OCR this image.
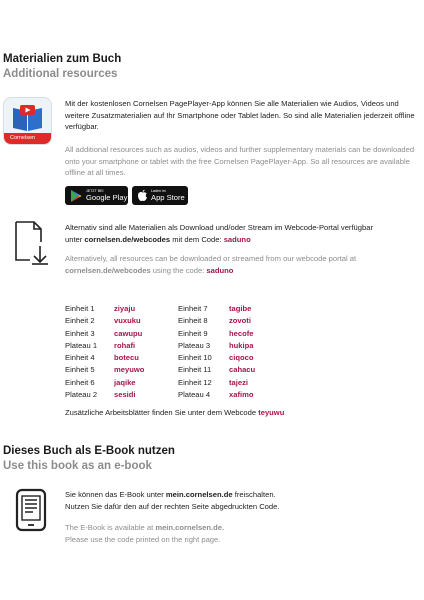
Materialien zum Buch
Additional resources
Cornelsen
Mit der kostenlosen Cornelsen PagePlayer-App können Sie alle Materialien wie Audios, Videos und weitere Zusatzmaterialien auf Ihr Smartphone oder Tablet laden. So sind alle Materialien jederzeit offline verfügbar.
All additional resources such as audios, videos and further supplementary materials can be downloaded onto your smartphone or tablet with the free Cornelsen PagePlayer-App. So all resources are available offline at all times.
JETZT BEI
Google Play
Laden im
App Store
Alternativ sind alle Materialien als Download und/oder Stream im Webcode-Portal verfügbar unter cornelsen.de/webcodes mit dem Code: saduno
Alternatively, all resources can be downloaded or streamed from our webcode portal at cornelsen.de/webcodes using the code: saduno
Einheit 1	ziyaju	Einheit 7	tagibe
Einheit 2	vuxuku	Einheit 8	zovoti
Einheit 3	cawupu	Einheit 9	hecofe
Plateau 1	rohafi	Plateau 3	hukipa
Einheit 4	botecu	Einheit 10	ciqoco
Einheit 5	meyuwo	Einheit 11	cahacu
Einheit 6	jaqike	Einheit 12	tajezi
Plateau 2	sesidi	Plateau 4	xafimo
Zusätzliche Arbeitsblätter finden Sie unter dem Webcode teyuwu
Dieses Buch als E-Book nutzen
Use this book as an e-book
Sie können das E-Book unter mein.cornelsen.de freischalten.
Nutzen Sie dafür den auf der rechten Seite abgedruckten Code.
The E-Book is available at mein.cornelsen.de.
Please use the code printed on the right page.
